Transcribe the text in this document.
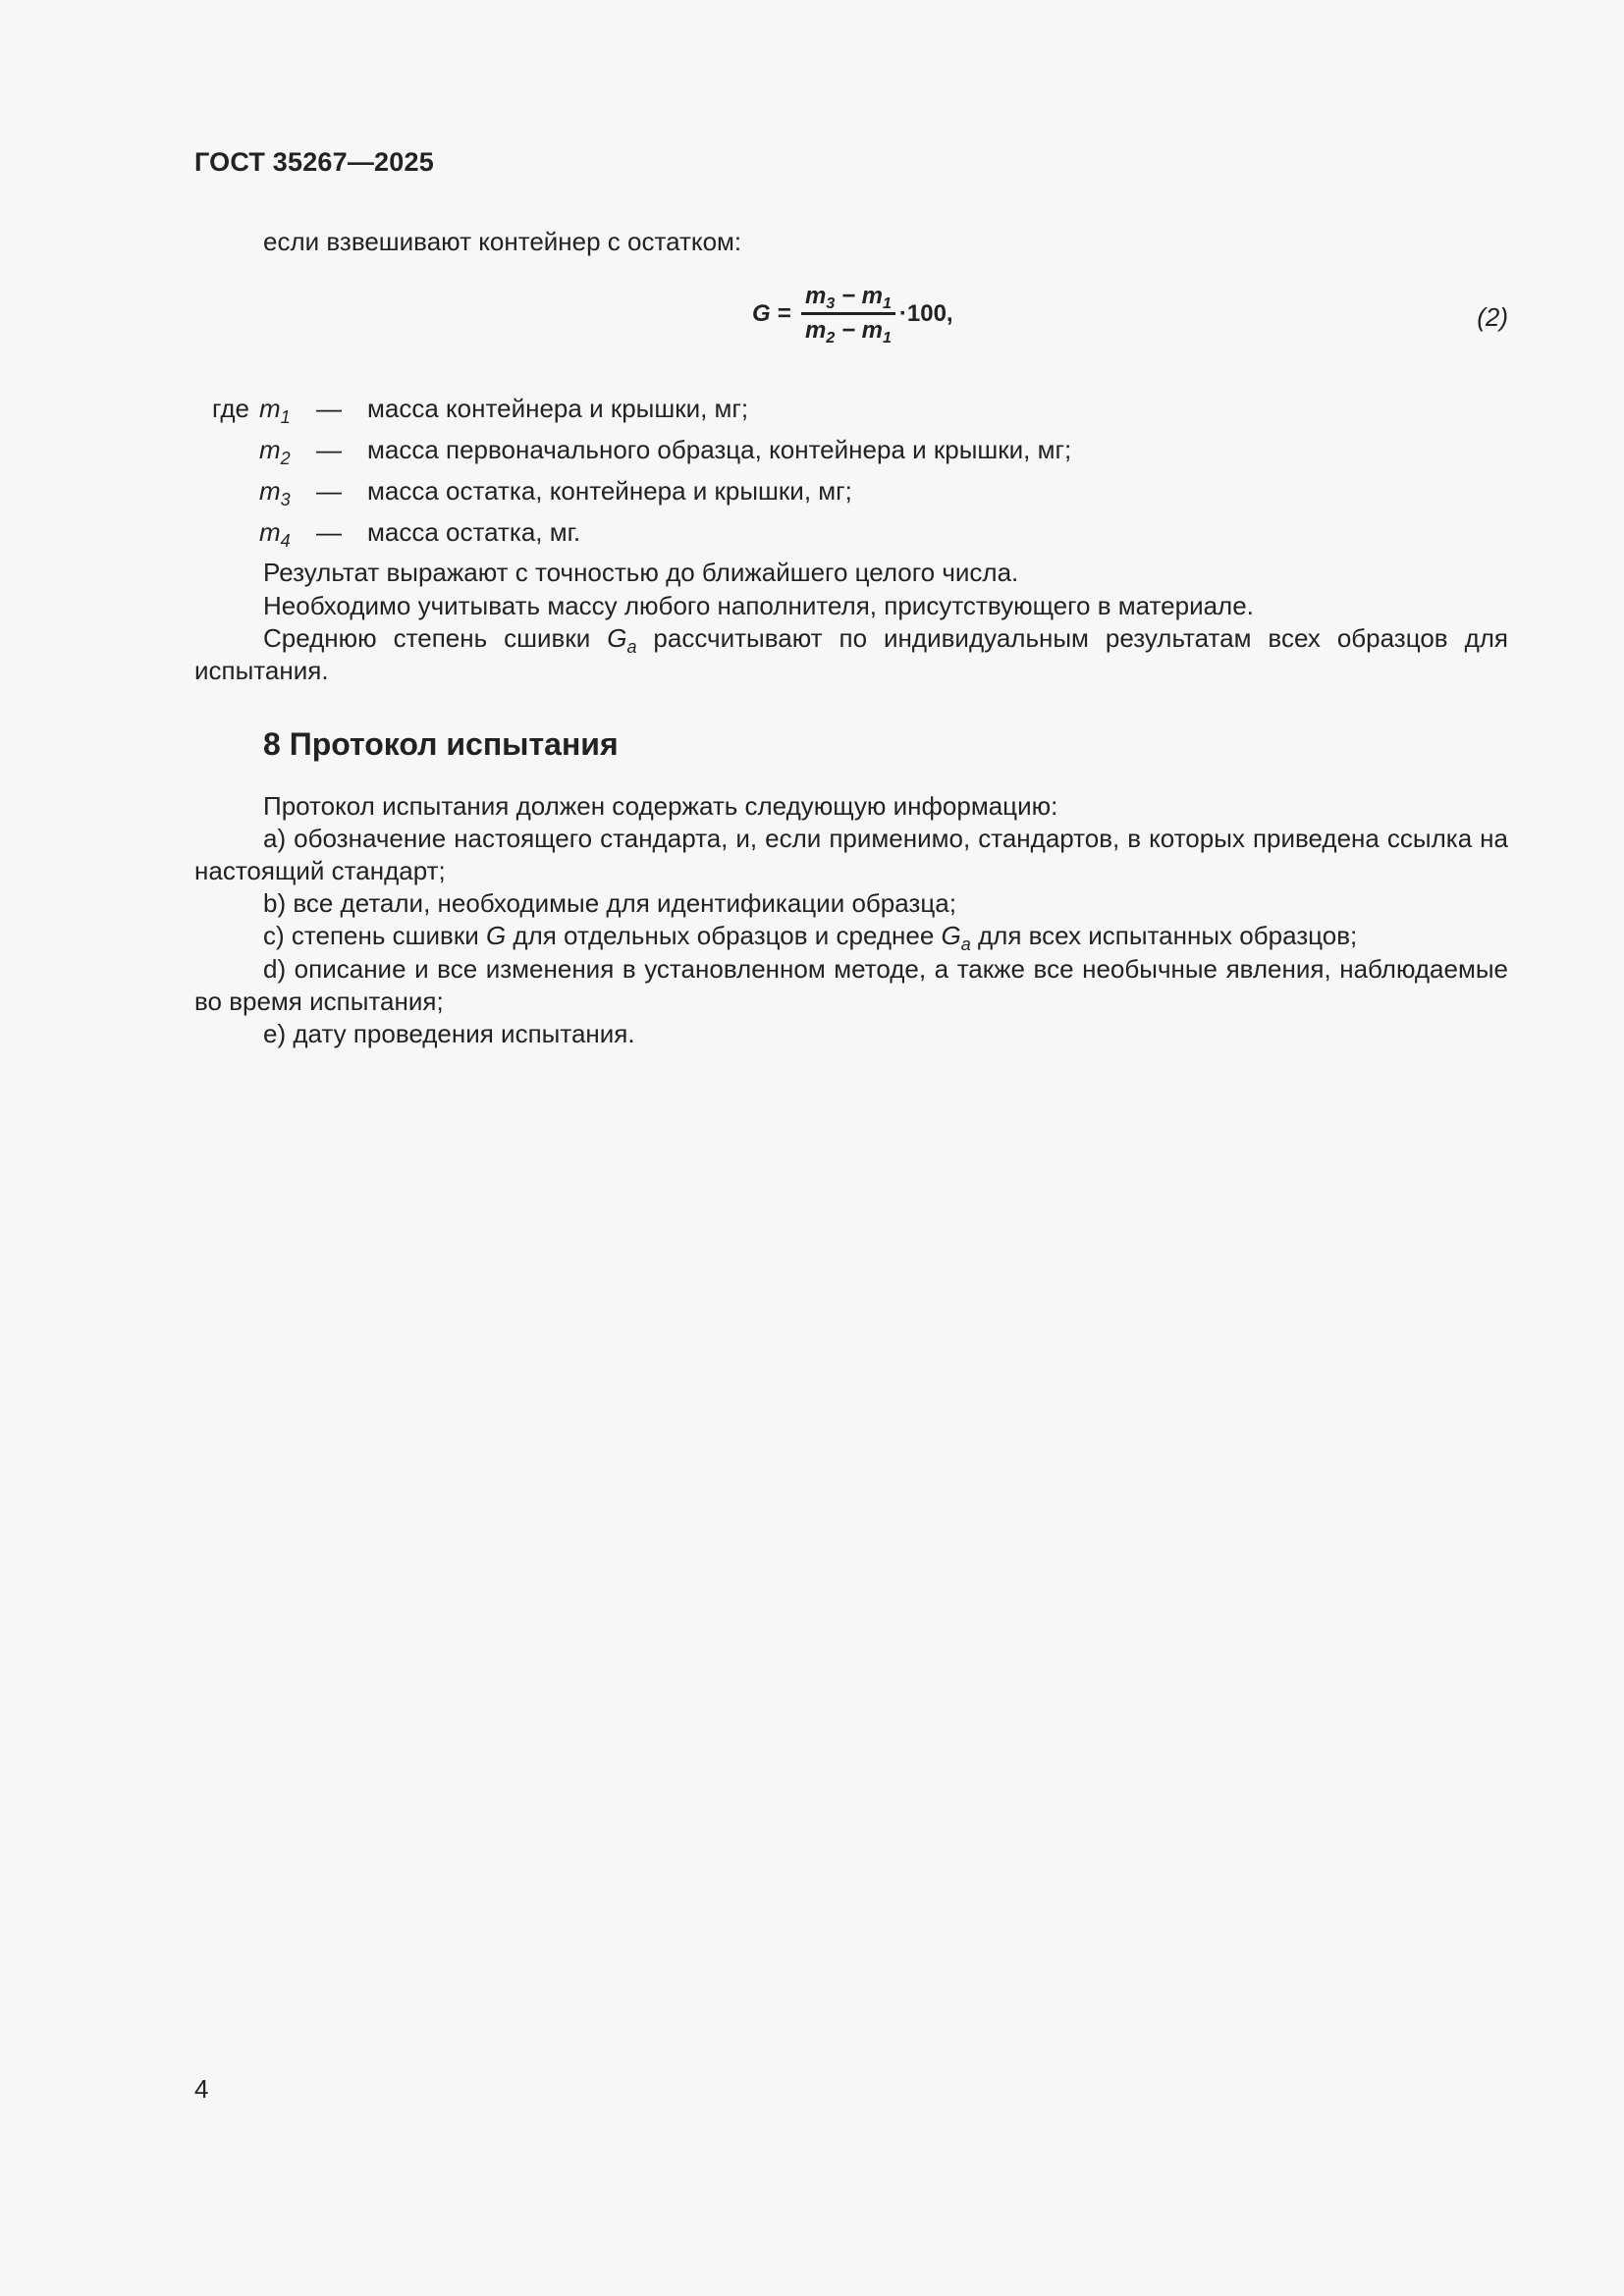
ГОСТ 35267—2025

если взвешивают контейнер с остатком:

$G = \frac{m_3 - m_1}{m_2 - m_1} \cdot 100$,	(2)
где $m_1$ — масса контейнера и крышки, мг;
$m_2$ — масса первоначального образца, контейнера и крышки, мг;
$m_3$ — масса остатка, контейнера и крышки, мг;
$m_4$ — масса остатка, мг.

Результат выражают с точностью до ближайшего целого числа.

Необходимо учитывать массу любого наполнителя, присутствующего в материале.

Среднюю степень сшивки $G_a$ рассчитывают по индивидуальным результатам всех образцов для испытания.

8 Протокол испытания

Протокол испытания должен содержать следующую информацию:

a) обозначение настоящего стандарта, и, если применимо, стандартов, в которых приведена ссылка на настоящий стандарт;

b) все детали, необходимые для идентификации образца;

c) степень сшивки G для отдельных образцов и среднее $G_a$ для всех испытанных образцов;

d) описание и все изменения в установленном методе, а также все необычные явления, наблюдаемые во время испытания;

e) дату проведения испытания.

4
